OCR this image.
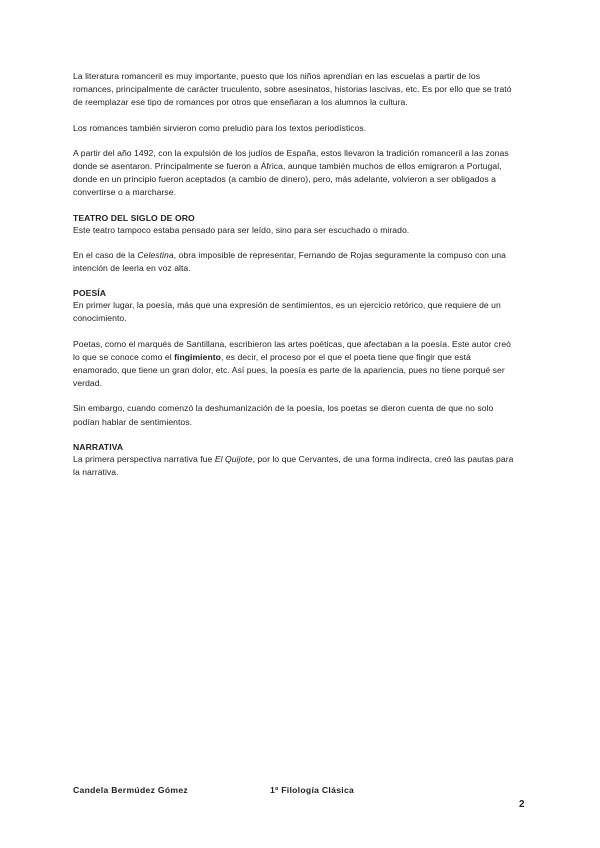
La literatura romanceril es muy importante, puesto que los niños aprendían en las escuelas a partir de los romances, principalmente de carácter truculento, sobre asesinatos, historias lascivas, etc. Es por ello que se trató de reemplazar ese tipo de romances por otros que enseñaran a los alumnos la cultura.

Los romances también sirvieron como preludio para los textos periodísticos.

A partir del año 1492, con la expulsión de los judíos de España, estos llevaron la tradición romanceril a las zonas donde se asentaron. Principalmente se fueron a África, aunque también muchos de ellos emigraron a Portugal, donde en un principio fueron aceptados (a cambio de dinero), pero, más adelante, volvieron a ser obligados a convertirse o a marcharse.

TEATRO DEL SIGLO DE ORO

Este teatro tampoco estaba pensado para ser leído, sino para ser escuchado o mirado.

En el caso de la Celestina, obra imposible de representar, Fernando de Rojas seguramente la compuso con una intención de leerla en voz alta.

POESÍA

En primer lugar, la poesía, más que una expresión de sentimientos, es un ejercicio retórico, que requiere de un conocimiento.

Poetas, como el marqués de Santillana, escribieron las artes poéticas, que afectaban a la poesía. Este autor creó lo que se conoce como el fingimiento, es decir, el proceso por el que el poeta tiene que fingir que está enamorado, que tiene un gran dolor, etc. Así pues, la poesía es parte de la apariencia, pues no tiene porqué ser verdad.

Sin embargo, cuando comenzó la deshumanización de la poesía, los poetas se dieron cuenta de que no solo podían hablar de sentimientos.

NARRATIVA

La primera perspectiva narrativa fue El Quijote, por lo que Cervantes, de una forma indirecta, creó las pautas para la narrativa.

Candela Bermúdez Gómez	1º Filología Clásica
2
